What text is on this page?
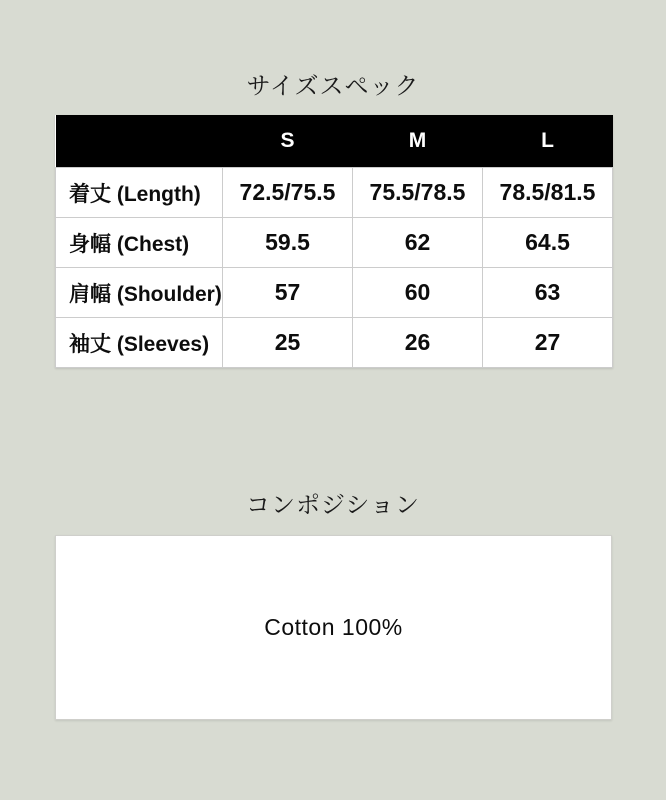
サイズスペック
	S	M	L
着丈 (Length)	72.5/75.5	75.5/78.5	78.5/81.5
身幅 (Chest)	59.5	62	64.5
肩幅 (Shoulder)	57	60	63
袖丈 (Sleeves)	25	26	27
コンポジション
Cotton 100%
